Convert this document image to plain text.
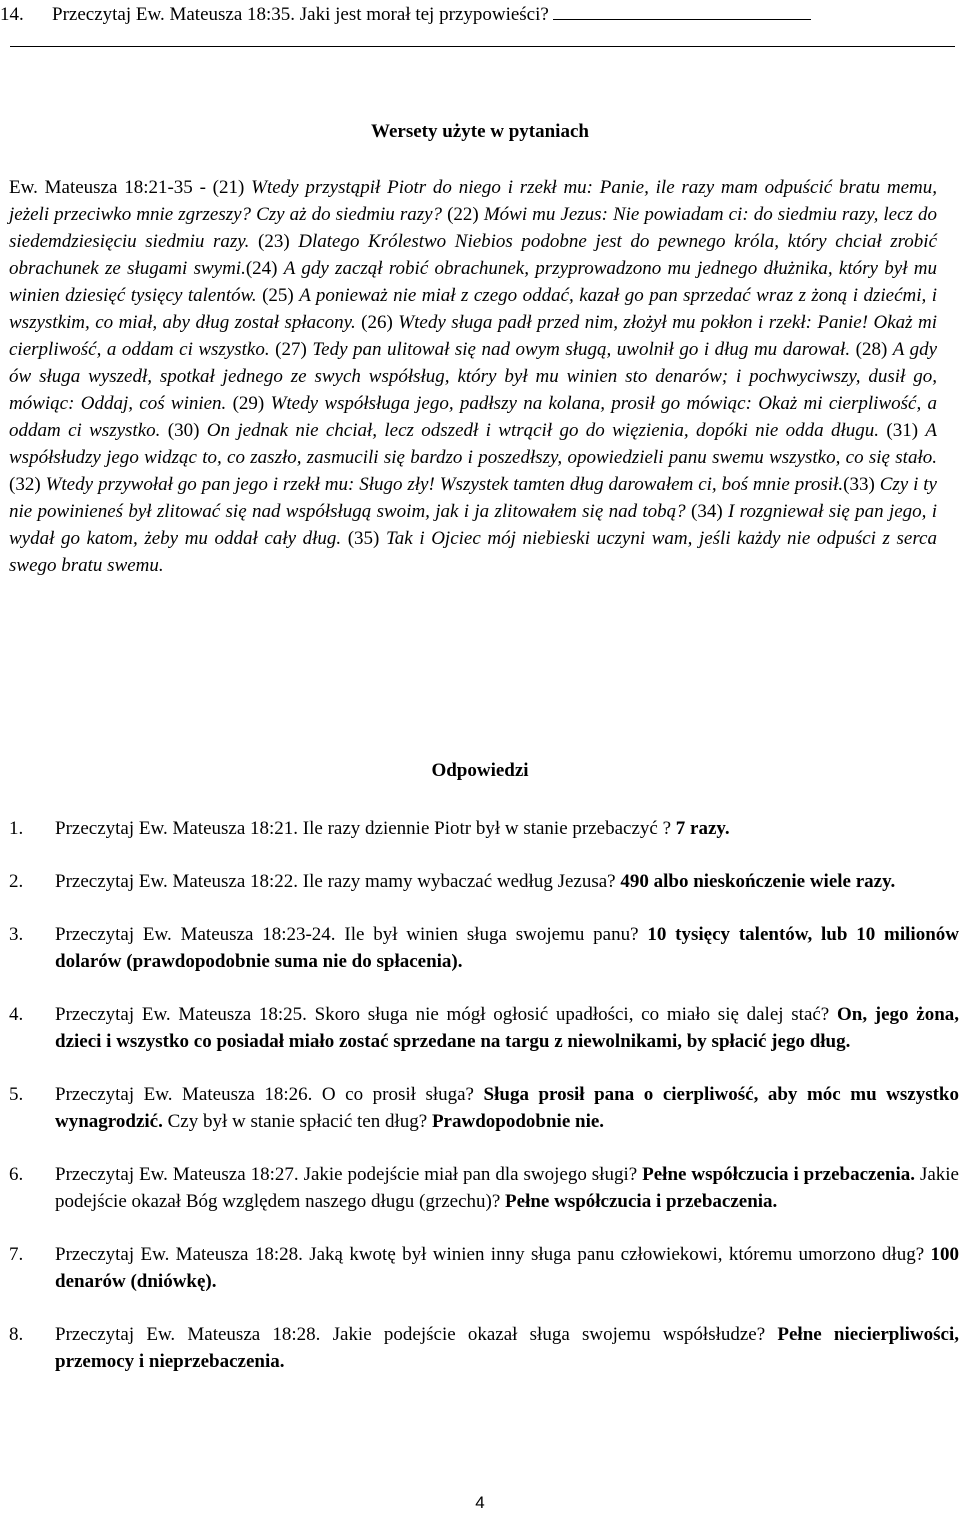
14. Przeczytaj Ew. Mateusza 18:35. Jaki jest morał tej przypowieści?
Wersety użyte w pytaniach
Ew. Mateusza 18:21-35 - (21) Wtedy przystąpił Piotr do niego i rzekł mu: Panie, ile razy mam odpuścić bratu memu, jeżeli przeciwko mnie zgrzeszy? Czy aż do siedmiu razy? (22) Mówi mu Jezus: Nie powiadam ci: do siedmiu razy, lecz do siedemdziesięciu siedmiu razy. (23) Dlatego Królestwo Niebios podobne jest do pewnego króla, który chciał zrobić obrachunek ze sługami swymi.(24) A gdy zaczął robić obrachunek, przyprowadzono mu jednego dłużnika, który był mu winien dziesięć tysięcy talentów. (25) A ponieważ nie miał z czego oddać, kazał go pan sprzedać wraz z żoną i dziećmi, i wszystkim, co miał, aby dług został spłacony. (26) Wtedy sługa padł przed nim, złożył mu pokłon i rzekł: Panie! Okaż mi cierpliwość, a oddam ci wszystko. (27) Tedy pan ulitował się nad owym sługą, uwolnił go i dług mu darował. (28) A gdy ów sługa wyszedł, spotkał jednego ze swych współsług, który był mu winien sto denarów; i pochwyciwszy, dusił go, mówiąc: Oddaj, coś winien. (29) Wtedy współsługa jego, padłszy na kolana, prosił go mówiąc: Okaż mi cierpliwość, a oddam ci wszystko. (30) On jednak nie chciał, lecz odszedł i wtrącił go do więzienia, dopóki nie odda długu. (31) A współsłudzy jego widząc to, co zaszło, zasmucili się bardzo i poszedłszy, opowiedzieli panu swemu wszystko, co się stało. (32) Wtedy przywołał go pan jego i rzekł mu: Sługo zły! Wszystek tamten dług darowałem ci, boś mnie prosił.(33) Czy i ty nie powinieneś był zlitować się nad współsługą swoim, jak i ja zlitowałem się nad tobą? (34) I rozgniewał się pan jego, i wydał go katom, żeby mu oddał cały dług. (35) Tak i Ojciec mój niebieski uczyni wam, jeśli każdy nie odpuści z serca swego bratu swemu.
Odpowiedzi
1. Przeczytaj Ew. Mateusza 18:21. Ile razy dziennie Piotr był w stanie przebaczyć ? 7 razy.
2. Przeczytaj Ew. Mateusza 18:22. Ile razy mamy wybaczać według Jezusa? 490 albo nieskończenie wiele razy.
3. Przeczytaj Ew. Mateusza 18:23-24. Ile był winien sługa swojemu panu? 10 tysięcy talentów, lub 10 milionów dolarów (prawdopodobnie suma nie do spłacenia).
4. Przeczytaj Ew. Mateusza 18:25. Skoro sługa nie mógł ogłosić upadłości, co miało się dalej stać? On, jego żona, dzieci i wszystko co posiadał miało zostać sprzedane na targu z niewolnikami, by spłacić jego dług.
5. Przeczytaj Ew. Mateusza 18:26. O co prosił sługa? Sługa prosił pana o cierpliwość, aby móc mu wszystko wynagrodzić. Czy był w stanie spłacić ten dług? Prawdopodobnie nie.
6. Przeczytaj Ew. Mateusza 18:27. Jakie podejście miał pan dla swojego sługi? Pełne współczucia i przebaczenia. Jakie podejście okazał Bóg względem naszego długu (grzechu)? Pełne współczucia i przebaczenia.
7. Przeczytaj Ew. Mateusza 18:28. Jaką kwotę był winien inny sługa panu człowiekowi, któremu umorzono dług? 100 denarów (dniówkę).
8. Przeczytaj Ew. Mateusza 18:28. Jakie podejście okazał sługa swojemu współsłudze? Pełne niecierpliwości, przemocy i nieprzebaczenia.
4
